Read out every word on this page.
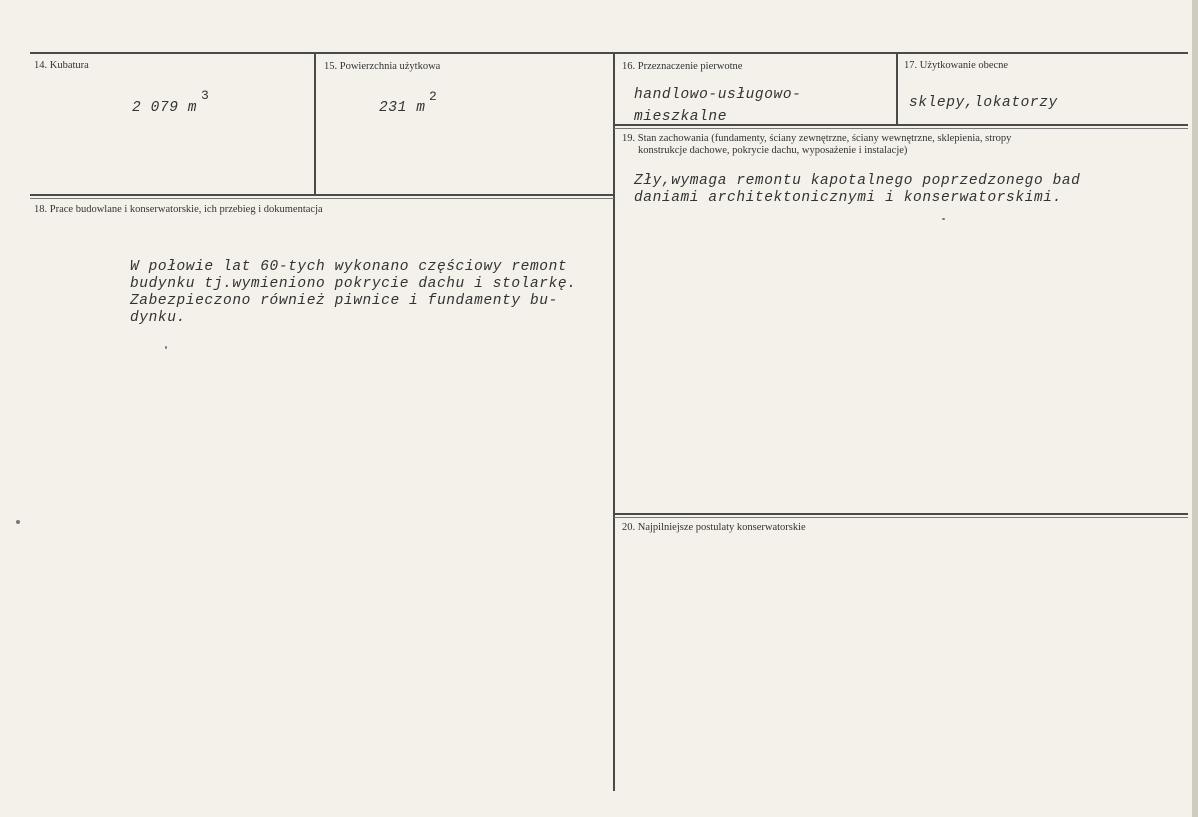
14. Kubatura
2 079 m
3
15. Powierzchnia użytkowa
231 m
2
16. Przeznaczenie pierwotne
handlowo-usługowo-
mieszkalne
17. Użytkowanie obecne
sklepy,lokatorzy
18. Prace budowlane i konserwatorskie, ich przebieg i dokumentacja
W połowie lat 60-tych wykonano częściowy remont
budynku tj.wymieniono pokrycie dachu i stolarkę.
Zabezpieczono również piwnice i fundamenty bu-
dynku.
19. Stan zachowania (fundamenty, ściany zewnętrzne, ściany wewnętrzne, sklepienia, stropy
konstrukcje dachowe, pokrycie dachu, wyposażenie i instalacje)
Zły,wymaga remontu kapotalnego poprzedzonego bad
daniami architektonicznymi i konserwatorskimi.
20. Najpilniejsze postulaty konserwatorskie
